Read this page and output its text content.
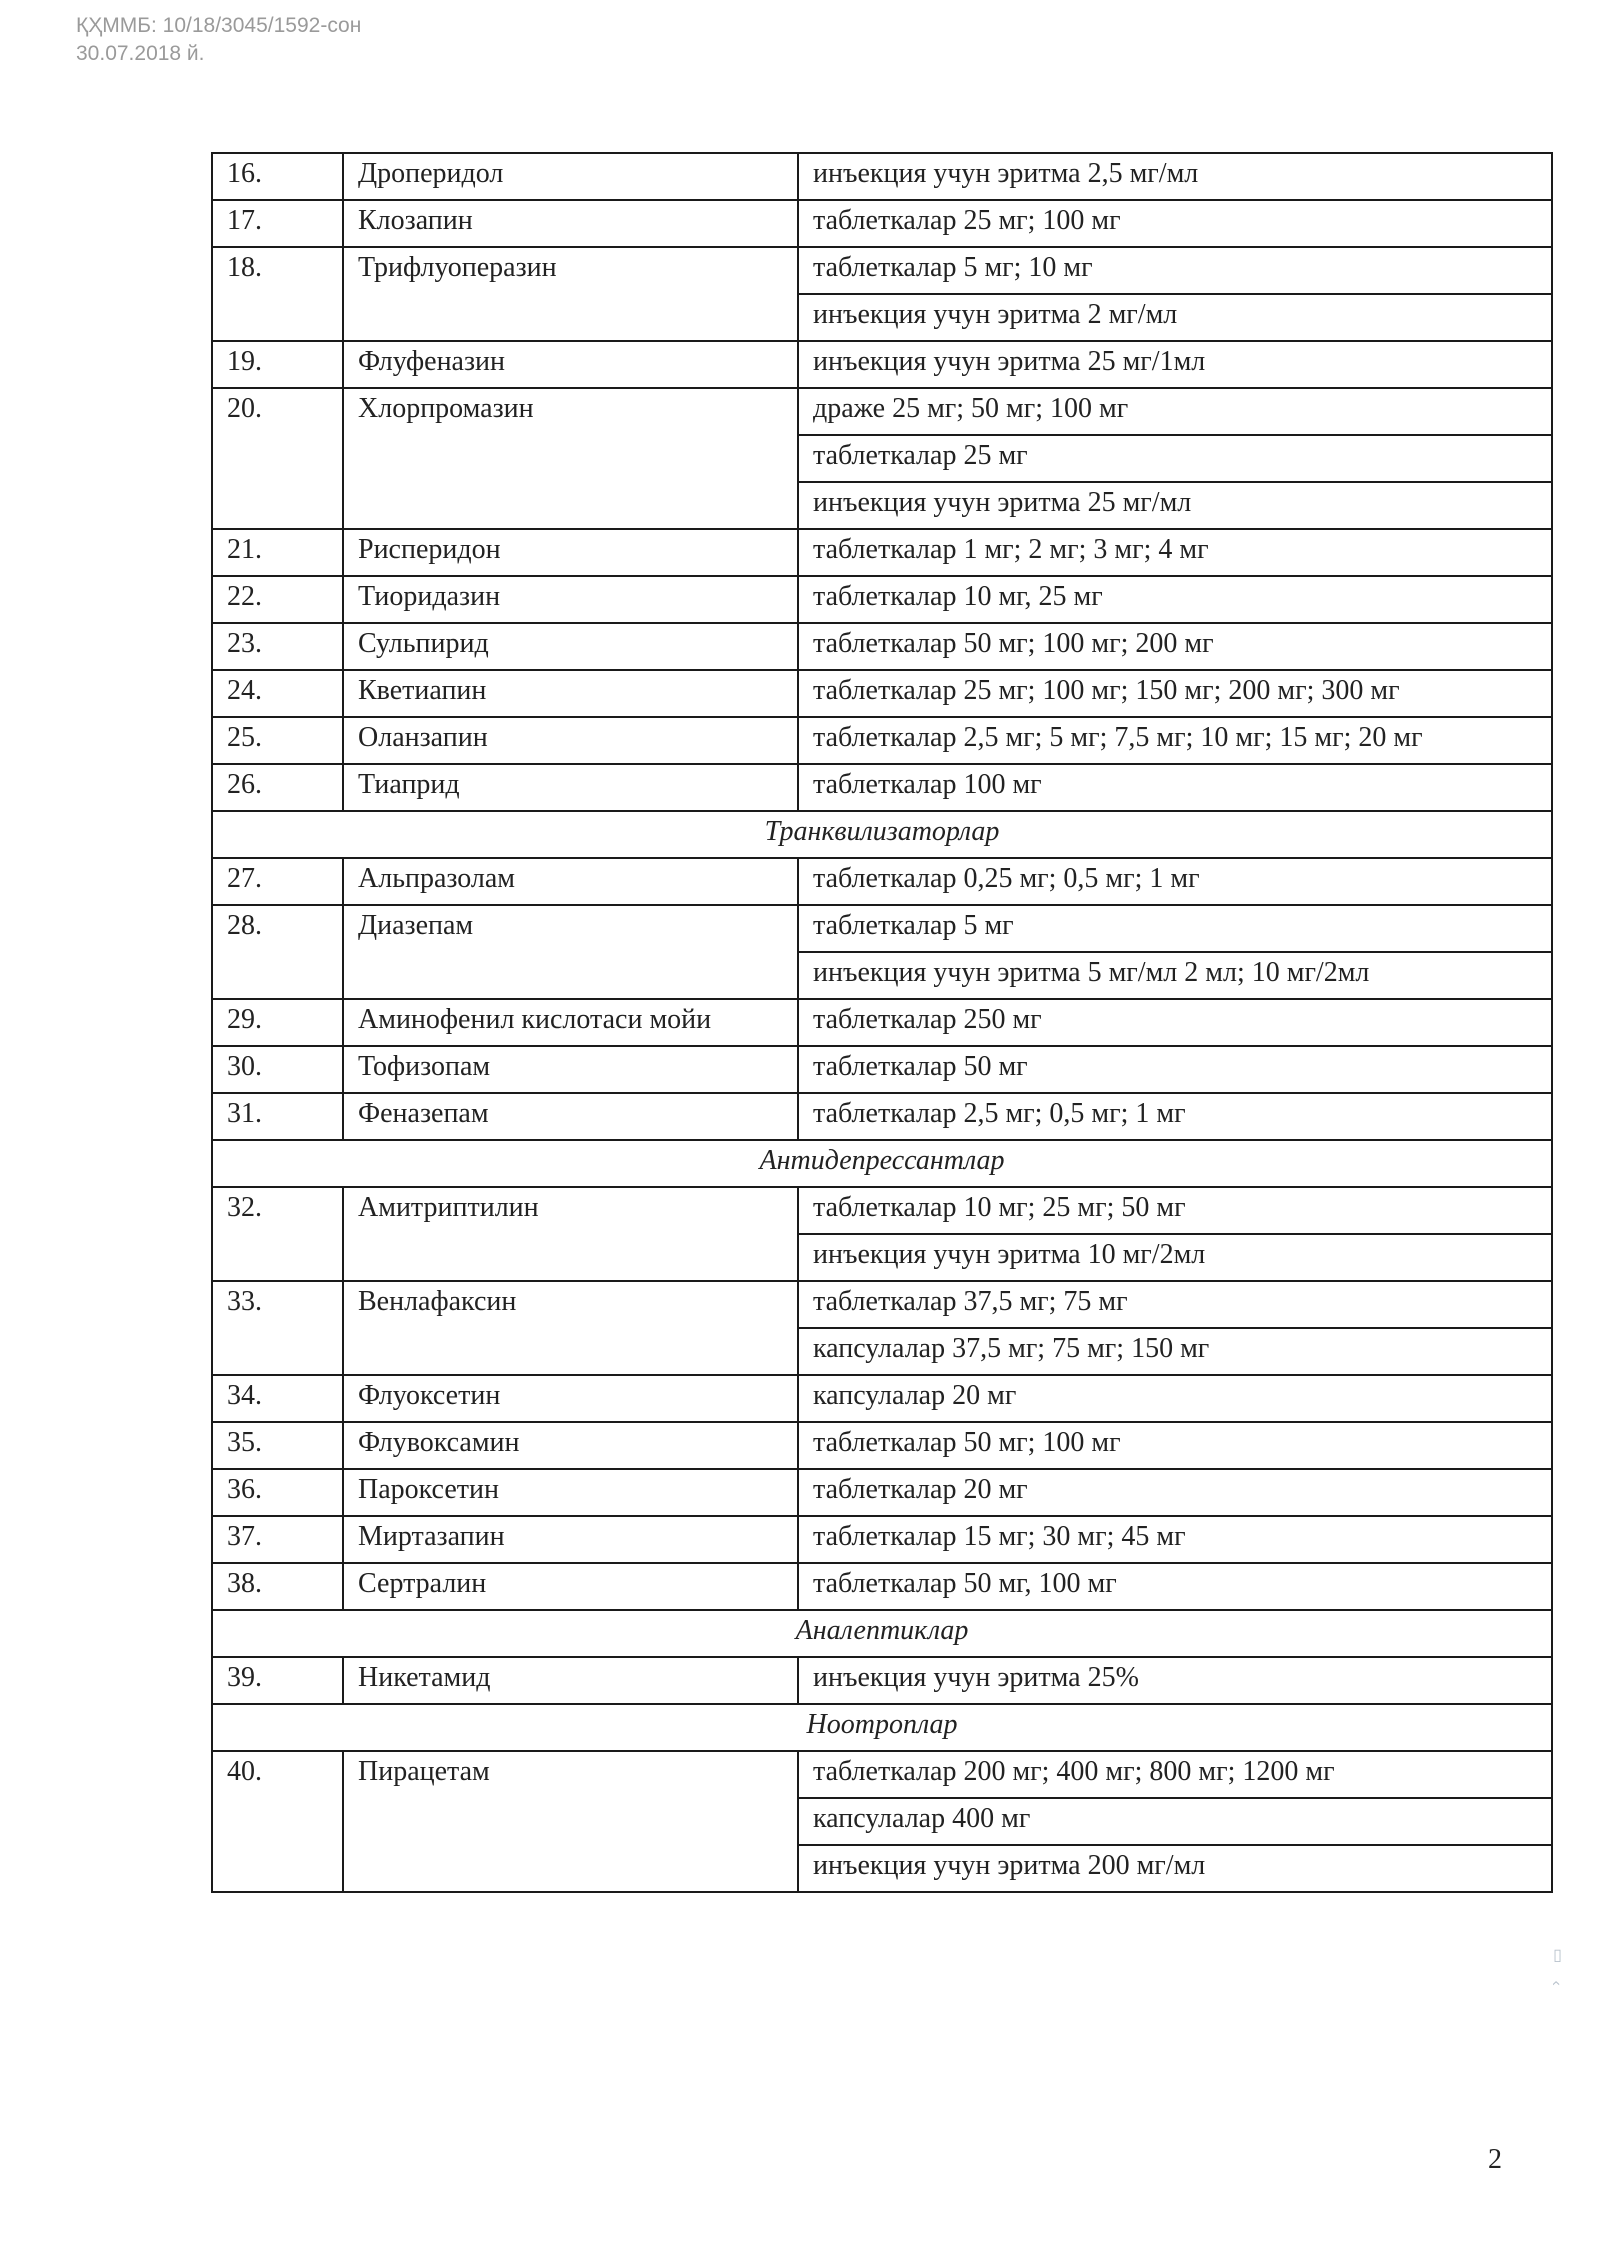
ҚҲММБ: 10/18/3045/1592-сон
30.07.2018 й.
16.	Дроперидол	инъекция учун эритма 2,5 мг/мл
17.	Клозапин	таблеткалар 25 мг; 100 мг
18.	Трифлуоперазин	таблеткалар 5 мг; 10 мг
		инъекция учун эритма 2 мг/мл
19.	Флуфеназин	инъекция учун эритма 25 мг/1мл
20.	Хлорпромазин	драже 25 мг; 50 мг; 100 мг
		таблеткалар 25 мг
		инъекция учун эритма 25 мг/мл
21.	Рисперидон	таблеткалар 1 мг; 2 мг; 3 мг; 4 мг
22.	Тиоридазин	таблеткалар 10 мг, 25 мг
23.	Сульпирид	таблеткалар 50 мг; 100 мг; 200 мг
24.	Кветиапин	таблеткалар 25 мг; 100 мг; 150 мг; 200 мг; 300 мг
25.	Оланзапин	таблеткалар 2,5 мг; 5 мг; 7,5 мг; 10 мг; 15 мг; 20 мг
26.	Тиаприд	таблеткалар 100 мг
Транквилизаторлар		
27.	Альпразолам	таблеткалар 0,25 мг; 0,5 мг; 1 мг
28.	Диазепам	таблеткалар 5 мг
		инъекция учун эритма 5 мг/мл 2 мл; 10 мг/2мл
29.	Аминофенил кислотаси мойи	таблеткалар 250 мг
30.	Тофизопам	таблеткалар 50 мг
31.	Феназепам	таблеткалар 2,5 мг; 0,5 мг; 1 мг
Антидепрессантлар		
32.	Амитриптилин	таблеткалар 10 мг; 25 мг; 50 мг
		инъекция учун эритма 10 мг/2мл
33.	Венлафаксин	таблеткалар 37,5 мг; 75 мг
		капсулалар 37,5 мг; 75 мг; 150 мг
34.	Флуоксетин	капсулалар 20 мг
35.	Флувоксамин	таблеткалар 50 мг; 100 мг
36.	Пароксетин	таблеткалар 20 мг
37.	Миртазапин	таблеткалар 15 мг; 30 мг; 45 мг
38.	Сертралин	таблеткалар 50 мг, 100 мг
Аналептиклар		
39.	Никетамид	инъекция учун эритма 25%
Ноотроплар		
40.	Пирацетам	таблеткалар 200 мг; 400 мг; 800 мг; 1200 мг
		капсулалар 400 мг
		инъекция учун эритма 200 мг/мл
▯ ‹
2
